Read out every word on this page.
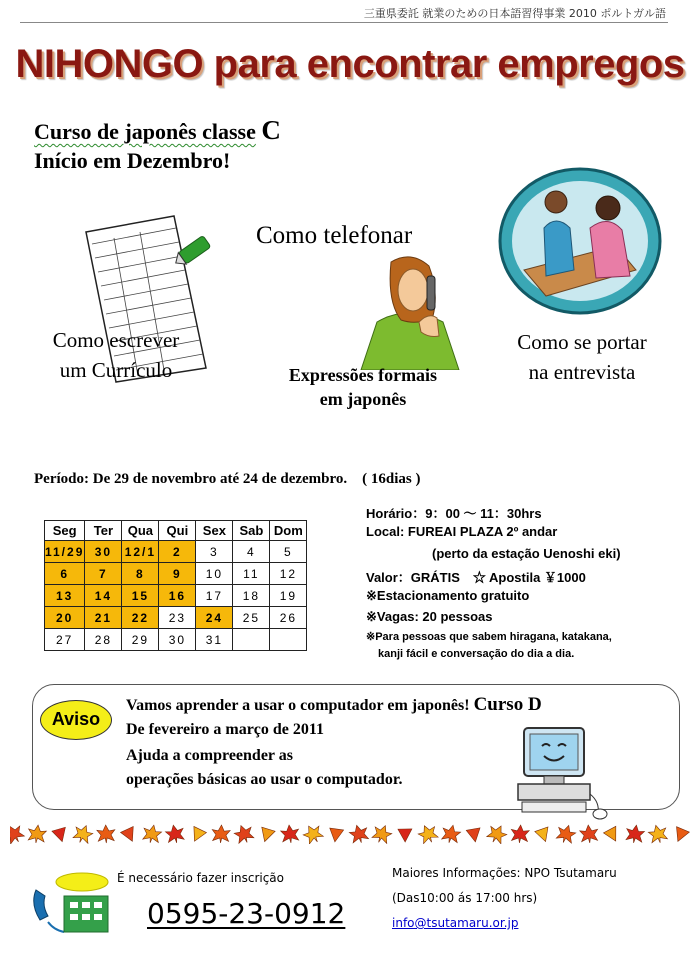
三重県委託 就業のための日本語習得事業 2010 ポルトガル語
NIHONGO para encontrar empregos
Curso de japonês classe C
Início em Dezembro!
Como escrever
um Currículo
Como telefonar
Expressões formais
em japonês
Como se portar
na entrevista
Período: De 29 de novembro até 24 de dezembro.　( 16dias )
Seg	Ter	Qua	Qui	Sex	Sab	Dom
11/29	30	12/1	2	3	4	5
6	7	8	9	10	11	12
13	14	15	16	17	18	19
20	21	22	23	24	25	26
27	28	29	30	31		
Horário：9：00 ～ 11：30hrs
Local: FUREAI PLAZA 2º andar
(perto da estação Uenoshi eki)
Valor：GRÁTIS　☆ Apostila ￥1000
※Estacionamento gratuito
※Vagas: 20 pessoas
※Para pessoas que sabem hiragana, katakana,
kanji fácil e conversação do dia a dia.
Aviso
Vamos aprender a usar o computador em japonês! Curso D
De fevereiro a março de 2011
Ajuda a compreender as
operações básicas ao usar o computador.
É necessário fazer inscrição
0595-23-0912
Maiores Informações: NPO Tsutamaru
(Das10:00 ás 17:00 hrs)
info@tsutamaru.or.jp
